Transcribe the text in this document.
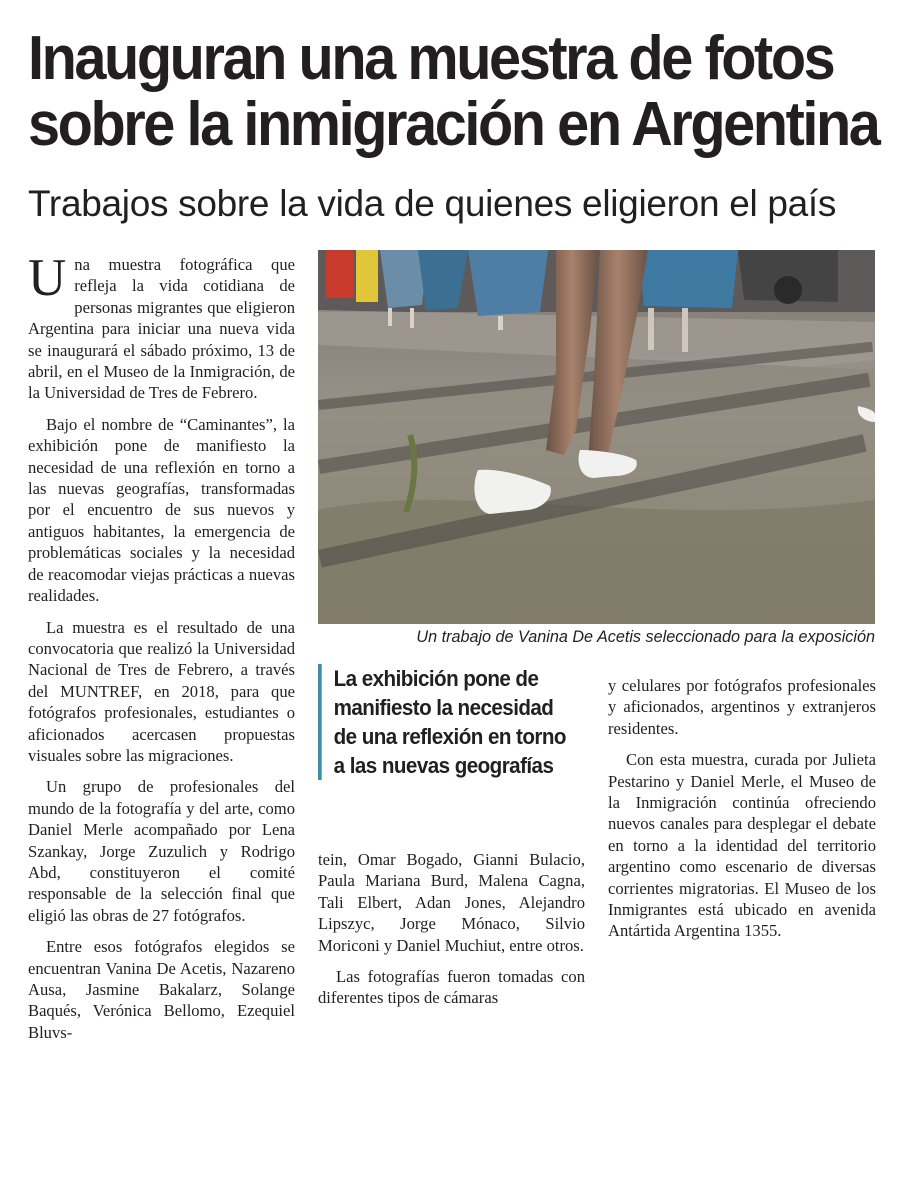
Inauguran una muestra de fotos
sobre la inmigración en Argentina
Trabajos sobre la vida de quienes eligieron el país

Una muestra fotográfica que refleja la vida cotidiana de personas migrantes que eligieron Argentina para iniciar una nueva vida se inaugurará el sábado próximo, 13 de abril, en el Museo de la Inmigración, de la Universidad de Tres de Febrero.

Bajo el nombre de “Caminantes”, la exhibición pone de manifiesto la necesidad de una reflexión en torno a las nuevas geografías, transformadas por el encuentro de sus nuevos y antiguos habitantes, la emergencia de problemáticas sociales y la necesidad de reacomodar viejas prácticas a nuevas realidades.

La muestra es el resultado de una convocatoria que realizó la Universidad Nacional de Tres de Febrero, a través del MUNTREF, en 2018, para que fotógrafos profesionales, estudiantes o aficionados acercasen propuestas visuales sobre las migraciones.

Un grupo de profesionales del mundo de la fotografía y del arte, como Daniel Merle acompañado por Lena Szankay, Jorge Zuzulich y Rodrigo Abd, constituyeron el comité responsable de la selección final que eligió las obras de 27 fotógrafos.

Entre esos fotógrafos elegidos se encuentran Vanina De Acetis, Nazareno Ausa, Jasmine Bakalarz, Solange Baqués, Verónica Bellomo, Ezequiel Bluvs-

Un trabajo de Vanina De Acetis seleccionado para la exposición
La exhibición pone de
manifiesto la necesidad
de una reflexión en torno
a las nuevas geografías

tein, Omar Bogado, Gianni Bulacio, Paula Mariana Burd, Malena Cagna, Tali Elbert, Adan Jones, Alejandro Lipszyc, Jorge Mónaco, Silvio Moriconi y Daniel Muchiut, entre otros.

Las fotografías fueron tomadas con diferentes tipos de cámaras

y celulares por fotógrafos profesionales y aficionados, argentinos y extranjeros residentes.

Con esta muestra, curada por Julieta Pestarino y Daniel Merle, el Museo de la Inmigración continúa ofreciendo nuevos canales para desplegar el debate en torno a la identidad del territorio argentino como escenario de diversas corrientes migratorias. El Museo de los Inmigrantes está ubicado en avenida Antártida Argentina 1355.
